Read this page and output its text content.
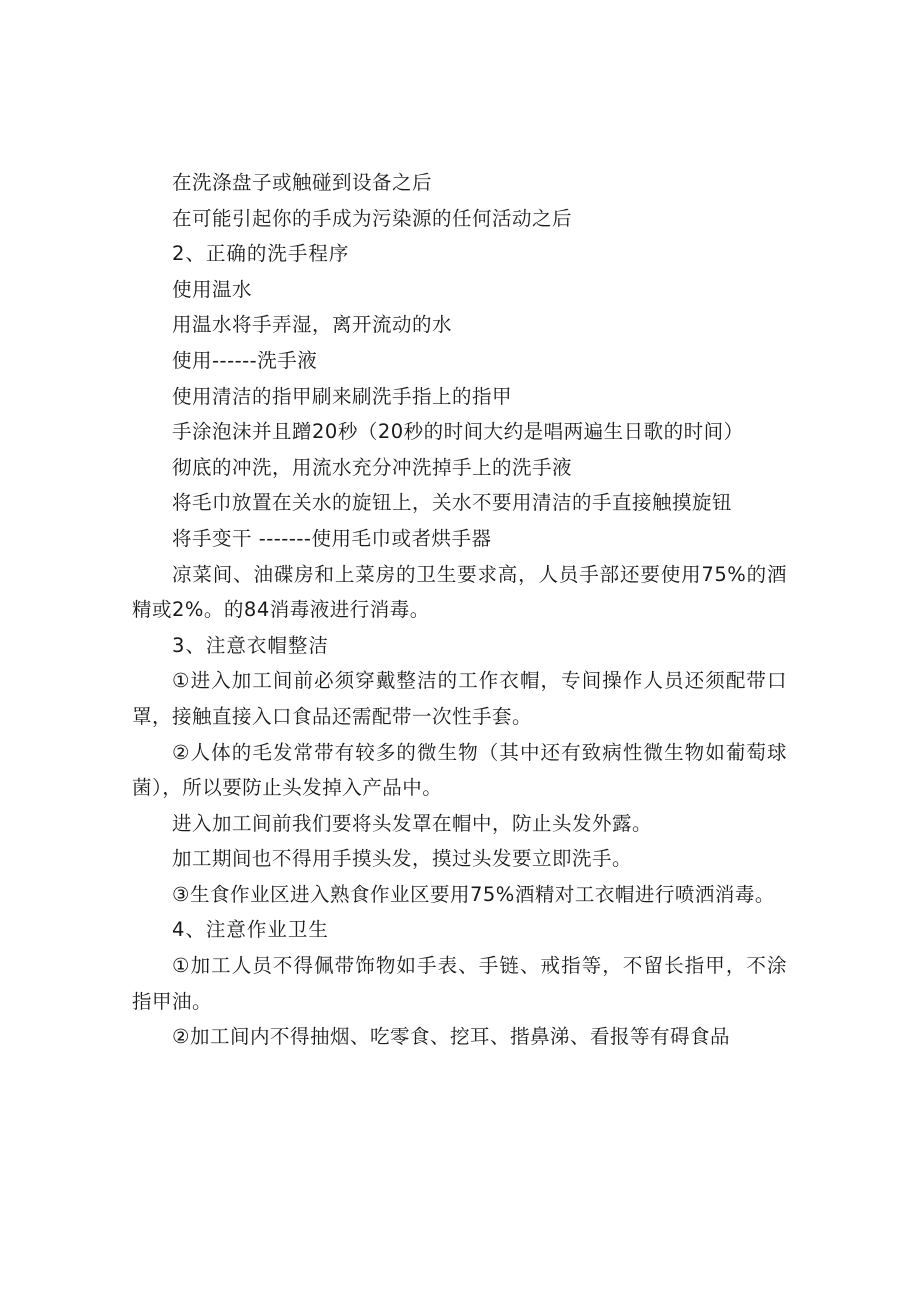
在洗涤盘子或触碰到设备之后

在可能引起你的手成为污染源的任何活动之后

2、正确的洗手程序

使用温水

用温水将手弄湿，离开流动的水

使用------洗手液

使用清洁的指甲刷来刷洗手指上的指甲

手涂泡沫并且蹭20秒（20秒的时间大约是唱两遍生日歌的时间）

彻底的冲洗，用流水充分冲洗掉手上的洗手液

将毛巾放置在关水的旋钮上，关水不要用清洁的手直接触摸旋钮

将手变干 -------使用毛巾或者烘手器

凉菜间、油碟房和上菜房的卫生要求高，人员手部还要使用75%的酒精或2%。的84消毒液进行消毒。

3、注意衣帽整洁

①进入加工间前必须穿戴整洁的工作衣帽，专间操作人员还须配带口罩，接触直接入口食品还需配带一次性手套。

②人体的毛发常带有较多的微生物（其中还有致病性微生物如葡萄球菌），所以要防止头发掉入产品中。

进入加工间前我们要将头发罩在帽中，防止头发外露。

加工期间也不得用手摸头发，摸过头发要立即洗手。

③生食作业区进入熟食作业区要用75%酒精对工衣帽进行喷洒消毒。

4、注意作业卫生

①加工人员不得佩带饰物如手表、手链、戒指等，不留长指甲，不涂指甲油。

②加工间内不得抽烟、吃零食、挖耳、揩鼻涕、看报等有碍食品
